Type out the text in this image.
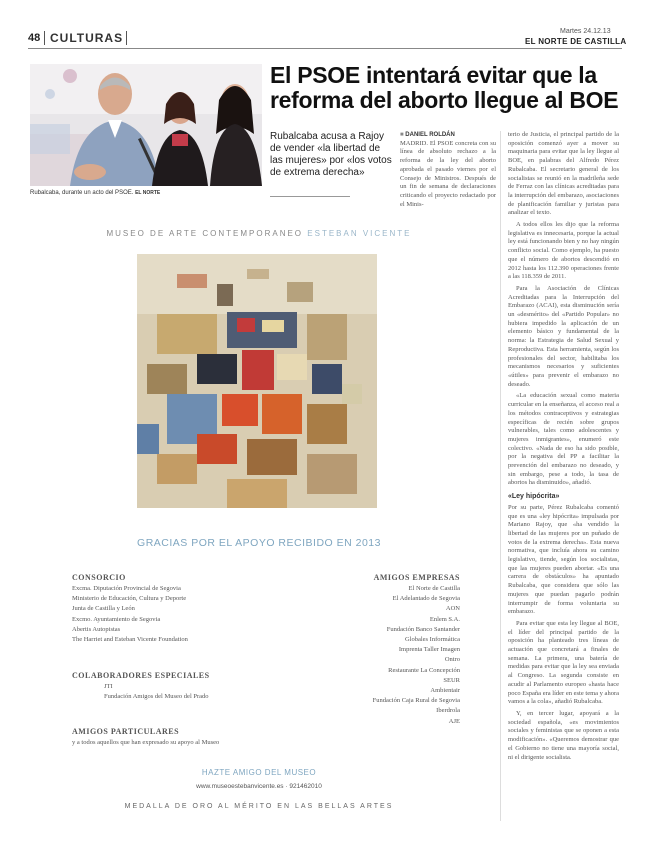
48 CULTURAS	Martes 24.12.13
EL NORTE DE CASTILLA
Rubalcaba, durante un acto del PSOE. EL NORTE
El PSOE intentará evitar que la reforma del aborto llegue al BOE
Rubalcaba acusa a Rajoy de vender «la libertad de las mujeres» por «los votos de extrema derecha»
■ DANIEL ROLDÁN
MADRID. El PSOE concreta con su línea de absoluto rechazo a la reforma de la ley del aborto aprobada el pasado viernes por el Consejo de Ministros. Después de un fin de semana de declaraciones criticando el proyecto redactado por el Minis-

terio de Justicia, el principal partido de la oposición comenzó ayer a mover su maquinaria para evitar que la ley llegue al BOE, en palabras del Alfredo Pérez Rubalcaba. El secretario general de los socialistas se reunió en la madrileña sede de Ferraz con las clínicas acreditadas para la interrupción del embarazo, asociaciones de planificación familiar y juristas para analizar el texto.

A todos ellos les dijo que la reforma legislativa es innecesaria, porque la actual ley está funcionando bien y no hay ningún conflicto social. Como ejemplo, ha puesto que el número de abortos descendió en 2012 hasta los 112.390 operaciones frente a las 118.359 de 2011.

Para la Asociación de Clínicas Acreditadas para la Interrupción del Embarazo (ACAI), esta disminución sería un «desmérito» del «Partido Popular» no hubiera impedido la aplicación de un elemento básico y fundamental de la norma: la Estrategia de Salud Sexual y Reproductiva. Esta herramienta, según los profesionales del sector, habilitaba los mecanismos necesarios y suficientes «útiles» para prevenir el embarazo no deseado.

«La educación sexual como materia curricular en la enseñanza, el acceso real a los métodos contraceptivos y estrategias específicas de recién sobre grupos vulnerables, tales como adolescentes y mujeres inmigrantes», enumeró este colectivo. «Nada de eso ha sido posible, por la negativa del PP a facilitar la prevención del embarazo no deseado, y sin embargo, pese a todo, la tasa de abortos ha disminuido», añadió.

«Ley hipócrita»

Por su parte, Pérez Rubalcaba comentó que es una «ley hipócrita» impulsada por Mariano Rajoy, que «ha vendido la libertad de las mujeres por un puñado de votos de la extrema derecha». Esta nueva normativa, que incluía ahora su camino legislativo, tiende, según los socialistas, que las mujeres pueden abortar. «Es una carrera de obstáculos» ha apuntado Rubalcaba, que considera que sólo las mujeres que puedan pagarlo podrán interrumpir de forma voluntaria su embarazo.

Para evitar que esta ley llegue al BOE, el líder del principal partido de la oposición ha planteado tres líneas de actuación que concretará a finales de semana. La primera, una batería de medidas para evitar que la ley sea enviada al Congreso. La segunda consiste en acudir al Parlamento europeo «hasta hace poco España era líder en este tema y ahora vamos a la cola», añadió Rubalcaba.

Y, en tercer lugar, apoyará a la sociedad española, «es movimientos sociales y feministas que se oponen a esta modificación». «Queremos demostrar que el Gobierno no tiene una mayoría social, ni el dirigente socialista.

MUSEO DE ARTE CONTEMPORANEO ESTEBAN VICENTE
GRACIAS POR EL APOYO RECIBIDO EN 2013
CONSORCIO
Excma. Diputación Provincial de Segovia
Ministerio de Educación, Cultura y Deporte
Junta de Castilla y León
Excmo. Ayuntamiento de Segovia
Abertis Autopistas
The Harriet and Esteban Vicente Foundation
COLABORADORES ESPECIALES
JTI
Fundación Amigos del Museo del Prado
AMIGOS PARTICULARES
y a todos aquellos que han expresado su apoyo al Museo
AMIGOS EMPRESAS
El Norte de Castilla
El Adelantado de Segovia
AON
Enlem S.A.
Fundación Banco Santander
Globales Informática
Imprenta Taller Imagen
Ontro
Restaurante La Concepción
SEUR
Ambientair
Fundación Caja Rural de Segovia
Iberdrola
AJE
HAZTE AMIGO DEL MUSEO
www.museoestebanvicente.es · 921462010
MEDALLA DE ORO AL MÉRITO EN LAS BELLAS ARTES
